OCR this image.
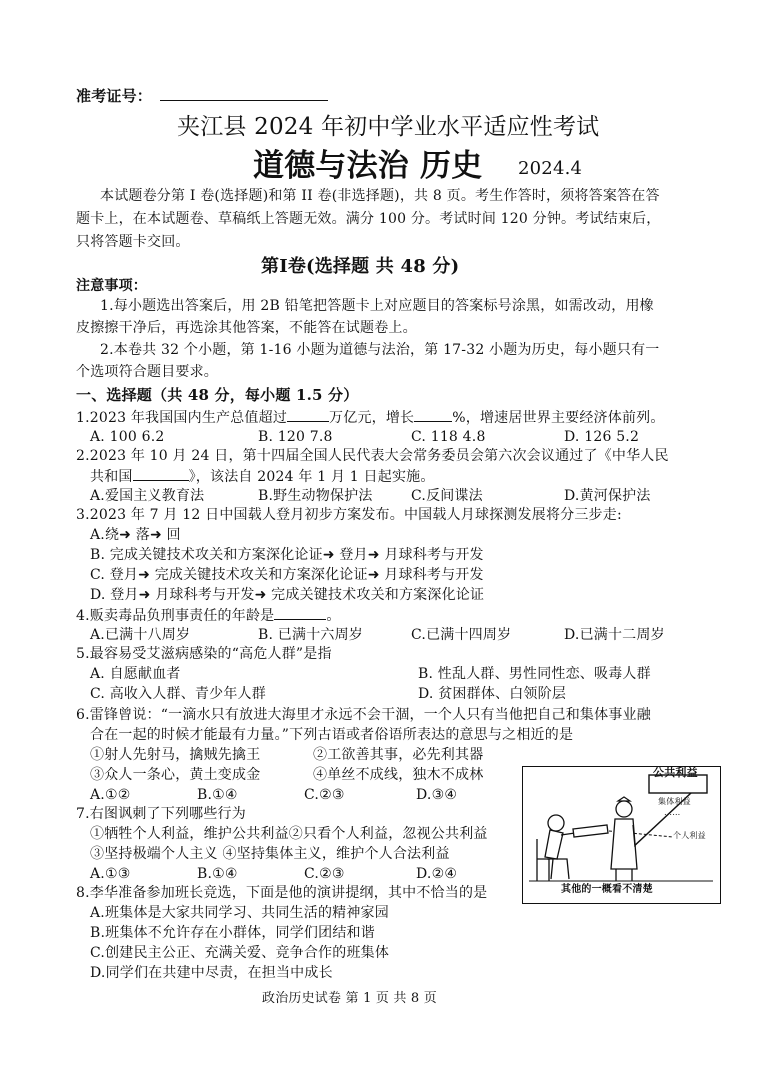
准考证号：
夹江县 2024 年初中学业水平适应性考试
道德与法治 历史 2024.4
本试题卷分第 I 卷(选择题)和第 II 卷(非选择题)，共 8 页。考生作答时，须将答案答在答
题卡上，在本试题卷、草稿纸上答题无效。满分 100 分。考试时间 120 分钟。考试结束后，
只将答题卡交回。
第Ⅰ卷(选择题 共 48 分)
注意事项：
1.每小题选出答案后，用 2B 铅笔把答题卡上对应题目的答案标号涂黑，如需改动，用橡
皮擦擦干净后，再选涂其他答案，不能答在试题卷上。
2.本卷共 32 个小题，第 1-16 小题为道德与法治，第 17-32 小题为历史，每小题只有一
个选项符合题目要求。
一、选择题（共 48 分，每小题 1.5 分）
1.2023 年我国国内生产总值超过	万亿元，增长	%，增速居世界主要经济体前列。
A. 100 6.2	B. 120 7.8	C. 118 4.8	D. 126 5.2
2.2023 年 10 月 24 日，第十四届全国人民代表大会常务委员会第六次会议通过了《中华人民
共和国	》，该法自 2024 年 1 月 1 日起实施。
A.爱国主义教育法	B.野生动物保护法	C.反间谍法	D.黄河保护法
3.2023 年 7 月 12 日中国载人登月初步方案发布。中国载人月球探测发展将分三步走:
A.绕➜ 落➜ 回
B. 完成关键技术攻关和方案深化论证➜ 登月➜ 月球科考与开发
C. 登月➜ 完成关键技术攻关和方案深化论证➜ 月球科考与开发
D. 登月➜ 月球科考与开发➜ 完成关键技术攻关和方案深化论证
4.贩卖毒品负刑事责任的年龄是	。
A.已满十八周岁	B. 已满十六周岁	C.已满十四周岁	D.已满十二周岁
5.最容易受艾滋病感染的“高危人群”是指
A. 自愿献血者	B. 性乱人群、男性同性恋、吸毒人群
C. 高收入人群、青少年人群	D. 贫困群体、白领阶层
6.雷锋曾说：“一滴水只有放进大海里才永远不会干涸，一个人只有当他把自己和集体事业融
合在一起的时候才能最有力量。”下列古语或者俗语所表达的意思与之相近的是
①射人先射马，擒贼先擒王	②工欲善其事，必先利其器
③众人一条心，黄土变成金	④单丝不成线，独木不成林
A.①②	B.①④	C.②③	D.③④
7.右图讽刺了下列哪些行为
①牺牲个人利益，维护公共利益②只看个人利益，忽视公共利益
③坚持极端个人主义 ④坚持集体主义，维护个人合法利益
A.①③	B.①④	C.②③	D.②④
公共利益
集体利益
……
个人利益
其他的一概看不清楚
8.李华准备参加班长竞选，下面是他的演讲提纲，其中不恰当的是
A.班集体是大家共同学习、共同生活的精神家园
B.班集体不允许存在小群体，同学们团结和谐
C.创建民主公正、充满关爱、竞争合作的班集体
D.同学们在共建中尽责，在担当中成长
政治历史试卷 第 1 页 共 8 页
